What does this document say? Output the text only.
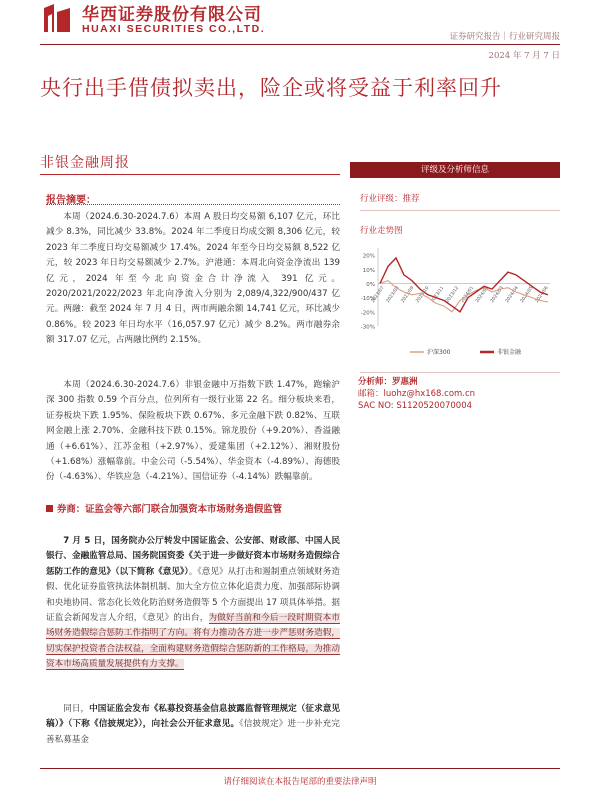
华西证券股份有限公司
HUAXI SECURITIES CO.,LTD.
证券研究报告｜行业研究周报
2024 年 7 月 7 日
央行出手借债拟卖出，险企或将受益于利率回升
非银金融周报
报告摘要：
本周（2024.6.30-2024.7.6）本周 A 股日均交易额 6,107 亿元，环比减少 8.3%，同比减少 33.8%。2024 年二季度日均成交额 8,306 亿元，较 2023 年二季度日均交易额减少 17.4%。2024 年至今日均交易额 8,522 亿元，较 2023 年日均交易额减少 2.7%。沪港通：本周北向资金净流出 139 亿元，2024 年至今北向资金合计净流入 391 亿元。2020/2021/2022/2023 年北向净流入分别为 2,089/4,322/900/437 亿元。两融：截至 2024 年 7 月 4 日，两市两融余额 14,741 亿元，环比减少 0.86%。较 2023 年日均水平（16,057.97 亿元）减少 8.2%。两市融券余额 317.07 亿元，占两融比例约 2.15%。
本周（2024.6.30-2024.7.6）非银金融中万指数下跌 1.47%，跑输沪深 300 指数 0.59 个百分点，位列所有一级行业第 22 名。细分板块来看，证券板块下跌 1.95%、保险板块下跌 0.67%、多元金融下跌 0.82%、互联网金融上涨 2.70%、金融科技下跌 0.15%。锦龙股份（+9.20%）、香溢融通（+6.61%）、江苏金租（+2.97%）、爱建集团（+2.12%）、湘财股份（+1.68%）涨幅靠前。中金公司（-5.54%）、华金资本（-4.89%）、海德股份（-4.63%）、华铁应急（-4.21%）、国信证券（-4.14%）跌幅靠前。
券商：证监会等六部门联合加强资本市场财务造假监管
7 月 5 日，国务院办公厅转发中国证监会、公安部、财政部、中国人民银行、金融监管总局、国务院国资委《关于进一步做好资本市场财务造假综合惩防工作的意见》（以下简称《意见》）。《意见》从打击和遏制重点领域财务造假、优化证券监管执法体制机制、加大全方位立体化追责力度、加强部际协调和央地协同、常态化长效化防治财务造假等 5 个方面提出 17 项具体举措。据证监会新闻发言人介绍，《意见》的出台，为做好当前和今后一段时期资本市场财务造假综合惩防工作指明了方向。将有力推动各方进一步严惩财务造假，切实保护投资者合法权益，全面构建财务造假综合惩防新的工作格局，为推动资本市场高质量发展提供有力支撑。
同日，中国证监会发布《私募投资基金信息披露监督管理规定（征求意见稿）》（下称《信披规定》），向社会公开征求意见。《信披规定》进一步补充完善私募基金
评级及分析师信息
行业评级：推荐
行业走势图
20%
10%
0%
-10%
-20%
-30%
2023/07 2023/08 2023/09 2023/10 2023/11 2023/12 2024/01 2024/02 2024/03 2024/04 2024/05 2024/06
沪深300	非银金融
分析师：罗惠洲
邮箱：luohz@hx168.com.cn
SAC NO: S1120520070004
请仔细阅读在本报告尾部的重要法律声明
